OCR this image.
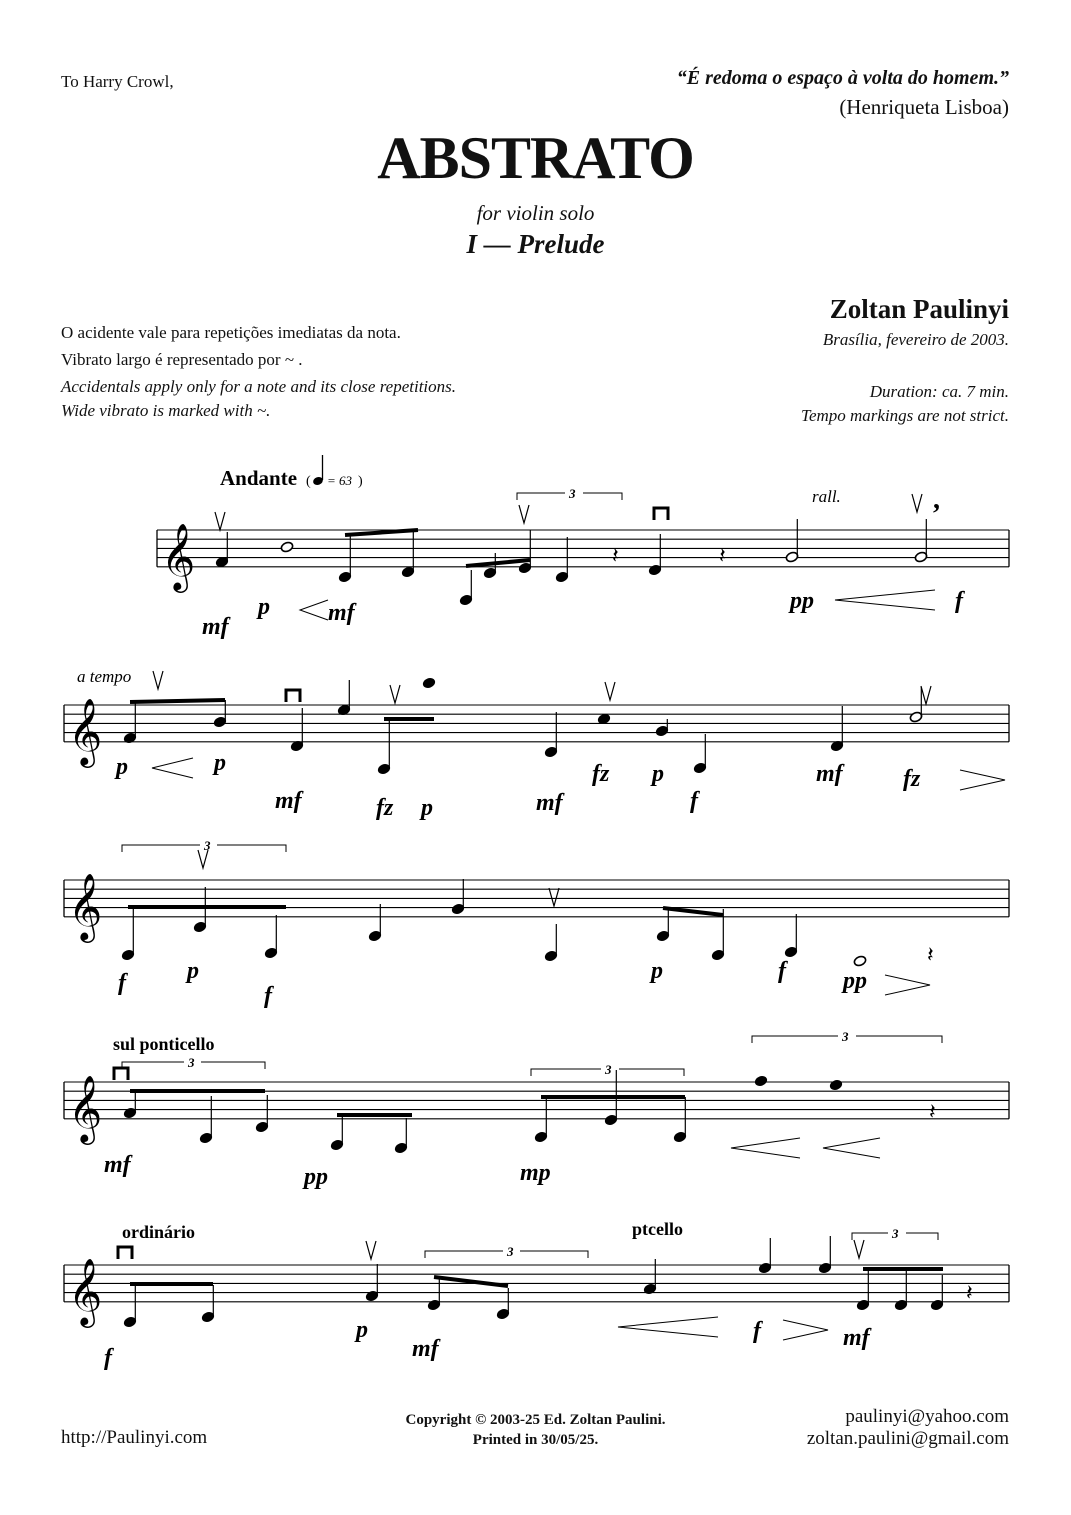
To Harry Crowl,	“É redoma o espaço à volta do homem.”
(Henriqueta Lisboa)
ABSTRATO
for violin solo
I — Prelude
Zoltan Paulinyi
Brasília, fevereiro de 2003.
Duration: ca. 7 min.
Tempo markings are not strict.
O acidente vale para repetições imediatas da nota.
Vibrato largo é representado por ~ .
Accidentals apply only for a note and its close repetitions.
Wide vibrato is marked with ~.
𝄞
𝄞
𝄞
𝄞
𝄞
𝄽	𝄽
𝄽
𝄽
𝄽
,
Andante ( = 63 )
rall.
a tempo
sul ponticello
ordinário	ptcello
3
3
3	3
3
3
3
mf
p mf	pp	f
p	p
mf	fz p	mf
fz p
f
mf	fz
f	p
f
p	f pp
mf	pp	mp
f
p
mf
f	mf
http://Paulinyi.com
Copyright © 2003-25 Ed. Zoltan Paulini.
Printed in 30/05/25.
paulinyi@yahoo.com
zoltan.paulini@gmail.com
